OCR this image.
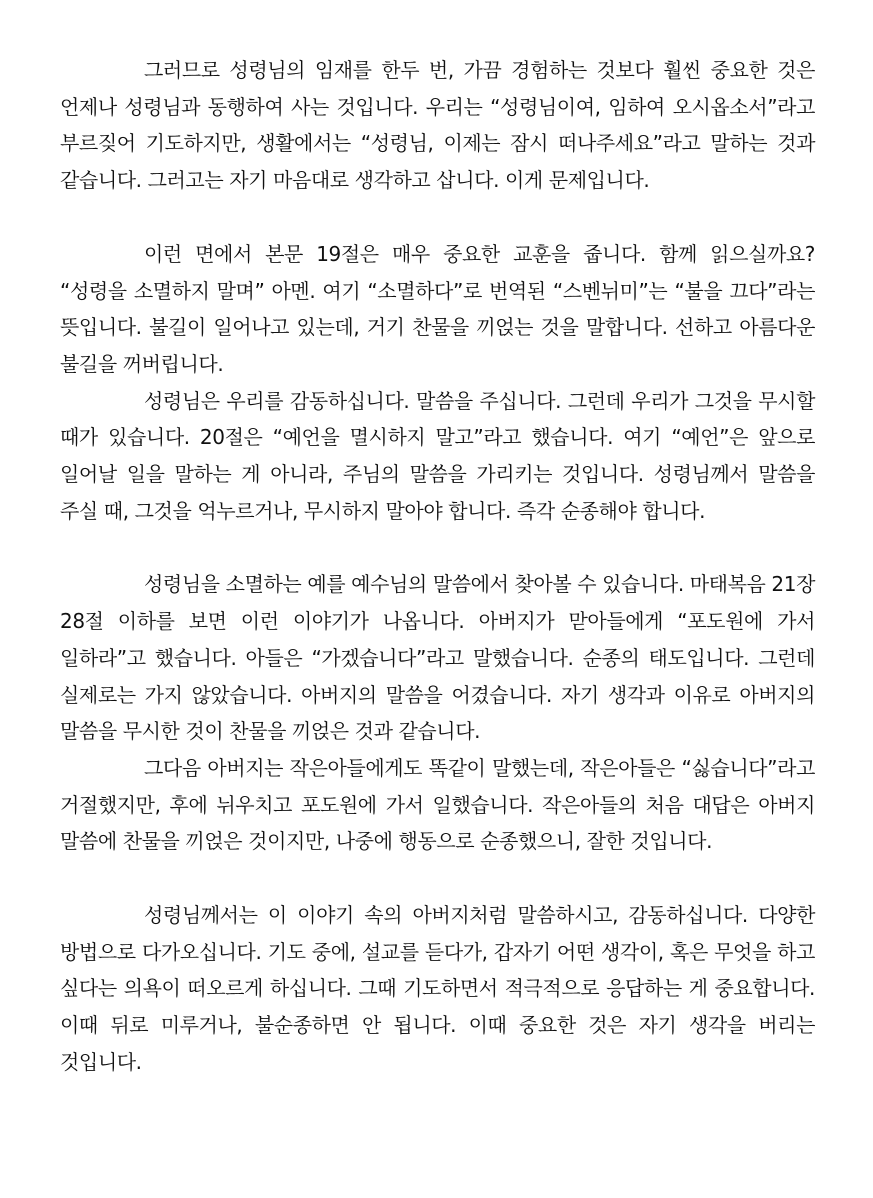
그러므로 성령님의 임재를 한두 번, 가끔 경험하는 것보다 훨씬 중요한 것은 언제나 성령님과 동행하여 사는 것입니다. 우리는 “성령님이여, 임하여 오시옵소서”라고 부르짖어 기도하지만, 생활에서는 “성령님, 이제는 잠시 떠나주세요”라고 말하는 것과 같습니다. 그러고는 자기 마음대로 생각하고 삽니다. 이게 문제입니다.

이런 면에서 본문 19절은 매우 중요한 교훈을 줍니다. 함께 읽으실까요? “성령을 소멸하지 말며” 아멘. 여기 “소멸하다”로 번역된 “스벤뉘미”는 “불을 끄다”라는 뜻입니다. 불길이 일어나고 있는데, 거기 찬물을 끼얹는 것을 말합니다. 선하고 아름다운 불길을 꺼버립니다.

성령님은 우리를 감동하십니다. 말씀을 주십니다. 그런데 우리가 그것을 무시할 때가 있습니다. 20절은 “예언을 멸시하지 말고”라고 했습니다. 여기 “예언”은 앞으로 일어날 일을 말하는 게 아니라, 주님의 말씀을 가리키는 것입니다. 성령님께서 말씀을 주실 때, 그것을 억누르거나, 무시하지 말아야 합니다. 즉각 순종해야 합니다.

성령님을 소멸하는 예를 예수님의 말씀에서 찾아볼 수 있습니다. 마태복음 21장 28절 이하를 보면 이런 이야기가 나옵니다. 아버지가 맏아들에게 “포도원에 가서 일하라”고 했습니다. 아들은 “가겠습니다”라고 말했습니다. 순종의 태도입니다. 그런데 실제로는 가지 않았습니다. 아버지의 말씀을 어겼습니다. 자기 생각과 이유로 아버지의 말씀을 무시한 것이 찬물을 끼얹은 것과 같습니다.

그다음 아버지는 작은아들에게도 똑같이 말했는데, 작은아들은 “싫습니다”라고 거절했지만, 후에 뉘우치고 포도원에 가서 일했습니다. 작은아들의 처음 대답은 아버지 말씀에 찬물을 끼얹은 것이지만, 나중에 행동으로 순종했으니, 잘한 것입니다.

성령님께서는 이 이야기 속의 아버지처럼 말씀하시고, 감동하십니다. 다양한 방법으로 다가오십니다. 기도 중에, 설교를 듣다가, 갑자기 어떤 생각이, 혹은 무엇을 하고 싶다는 의욕이 떠오르게 하십니다. 그때 기도하면서 적극적으로 응답하는 게 중요합니다. 이때 뒤로 미루거나, 불순종하면 안 됩니다. 이때 중요한 것은 자기 생각을 버리는 것입니다.
